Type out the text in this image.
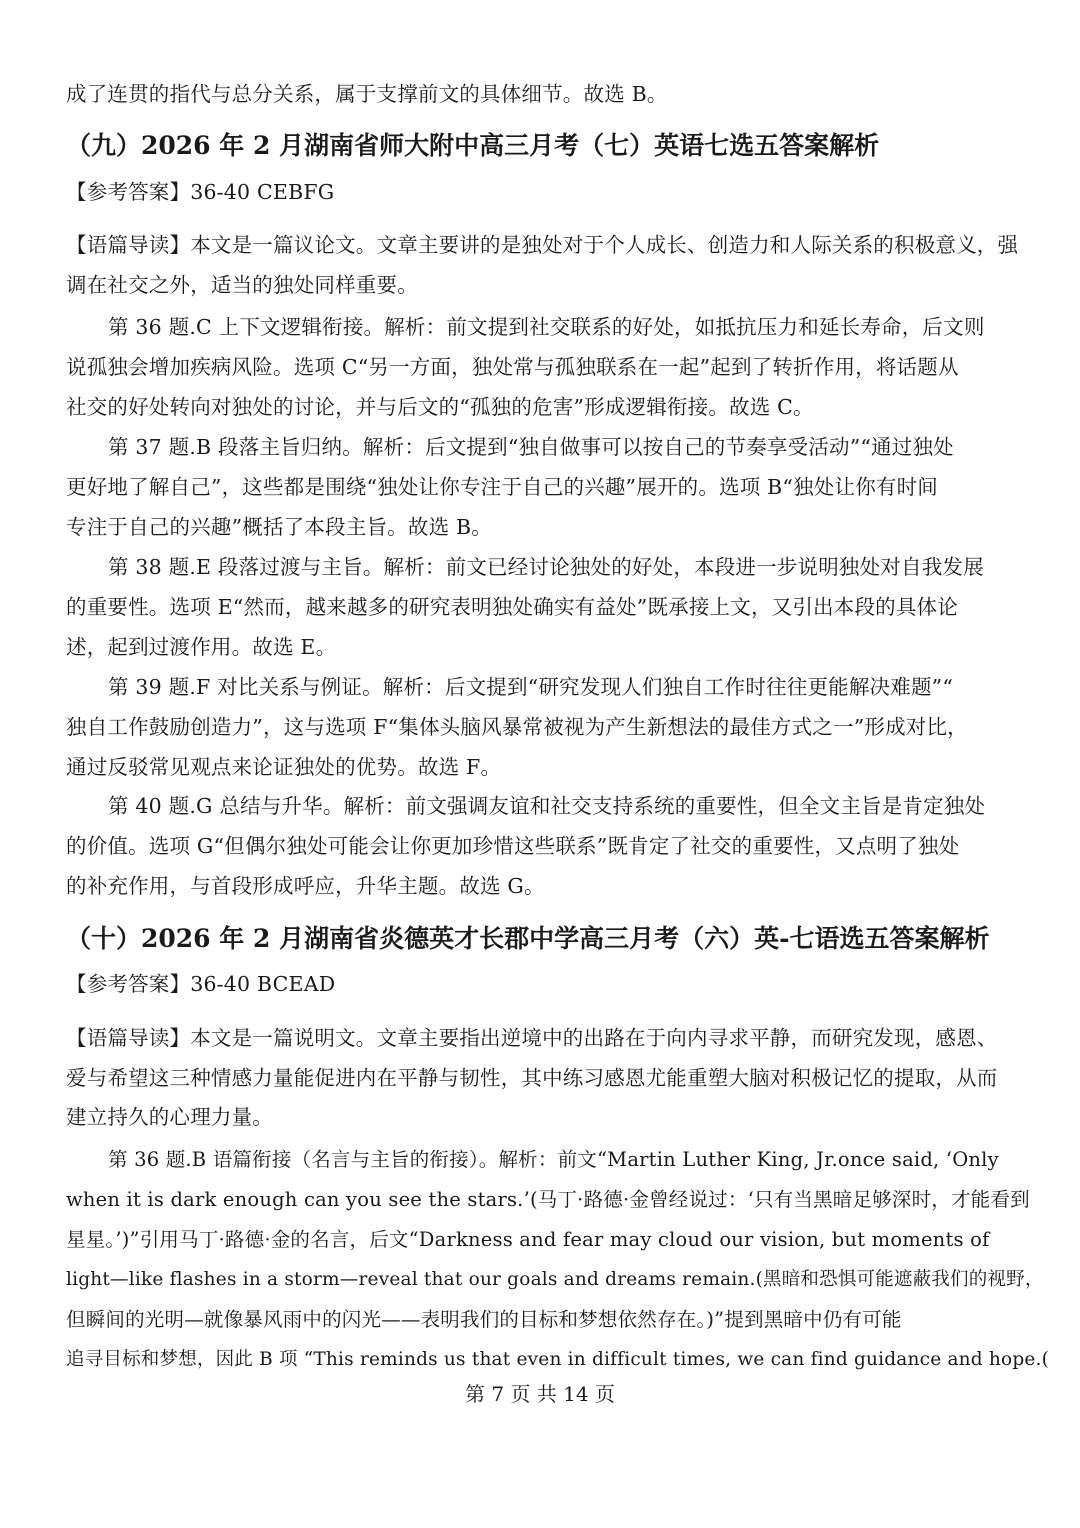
成了连贯的指代与总分关系，属于支撑前文的具体细节。故选 B。
（九）2026 年 2 月湖南省师大附中高三月考（七）英语七选五答案解析
【参考答案】36-40 CEBFG
【语篇导读】本文是一篇议论文。文章主要讲的是独处对于个人成长、创造力和人际关系的积极意义，强
调在社交之外，适当的独处同样重要。
第 36 题.C 上下文逻辑衔接。解析：前文提到社交联系的好处，如抵抗压力和延长寿命，后文则
说孤独会增加疾病风险。选项 C“另一方面，独处常与孤独联系在一起”起到了转折作用，将话题从
社交的好处转向对独处的讨论，并与后文的“孤独的危害”形成逻辑衔接。故选 C。
第 37 题.B 段落主旨归纳。解析：后文提到“独自做事可以按自己的节奏享受活动”“通过独处
更好地了解自己”，这些都是围绕“独处让你专注于自己的兴趣”展开的。选项 B“独处让你有时间
专注于自己的兴趣”概括了本段主旨。故选 B。
第 38 题.E 段落过渡与主旨。解析：前文已经讨论独处的好处，本段进一步说明独处对自我发展
的重要性。选项 E“然而，越来越多的研究表明独处确实有益处”既承接上文，又引出本段的具体论
述，起到过渡作用。故选 E。
第 39 题.F 对比关系与例证。解析：后文提到“研究发现人们独自工作时往往更能解决难题”“
独自工作鼓励创造力”，这与选项 F“集体头脑风暴常被视为产生新想法的最佳方式之一”形成对比，
通过反驳常见观点来论证独处的优势。故选 F。
第 40 题.G 总结与升华。解析：前文强调友谊和社交支持系统的重要性，但全文主旨是肯定独处
的价值。选项 G“但偶尔独处可能会让你更加珍惜这些联系”既肯定了社交的重要性，又点明了独处
的补充作用，与首段形成呼应，升华主题。故选 G。
（十）2026 年 2 月湖南省炎德英才长郡中学高三月考（六）英-七语选五答案解析
【参考答案】36-40 BCEAD
【语篇导读】本文是一篇说明文。文章主要指出逆境中的出路在于向内寻求平静，而研究发现，感恩、
爱与希望这三种情感力量能促进内在平静与韧性，其中练习感恩尤能重塑大脑对积极记忆的提取，从而
建立持久的心理力量。
第 36 题.B 语篇衔接（名言与主旨的衔接）。解析：前文“Martin Luther King, Jr.once said, ‘Only
when it is dark enough can you see the stars.’(马丁·路德·金曾经说过：‘只有当黑暗足够深时，才能看到
星星。’)”引用马丁·路德·金的名言，后文“Darkness and fear may cloud our vision, but moments of
light—like flashes in a storm—reveal that our goals and dreams remain.(黑暗和恐惧可能遮蔽我们的视野，
但瞬间的光明—就像暴风雨中的闪光——表明我们的目标和梦想依然存在。)”提到黑暗中仍有可能
追寻目标和梦想，因此 B 项 “This reminds us that even in difficult times, we can find guidance and hope.(
第 7 页 共 14 页
